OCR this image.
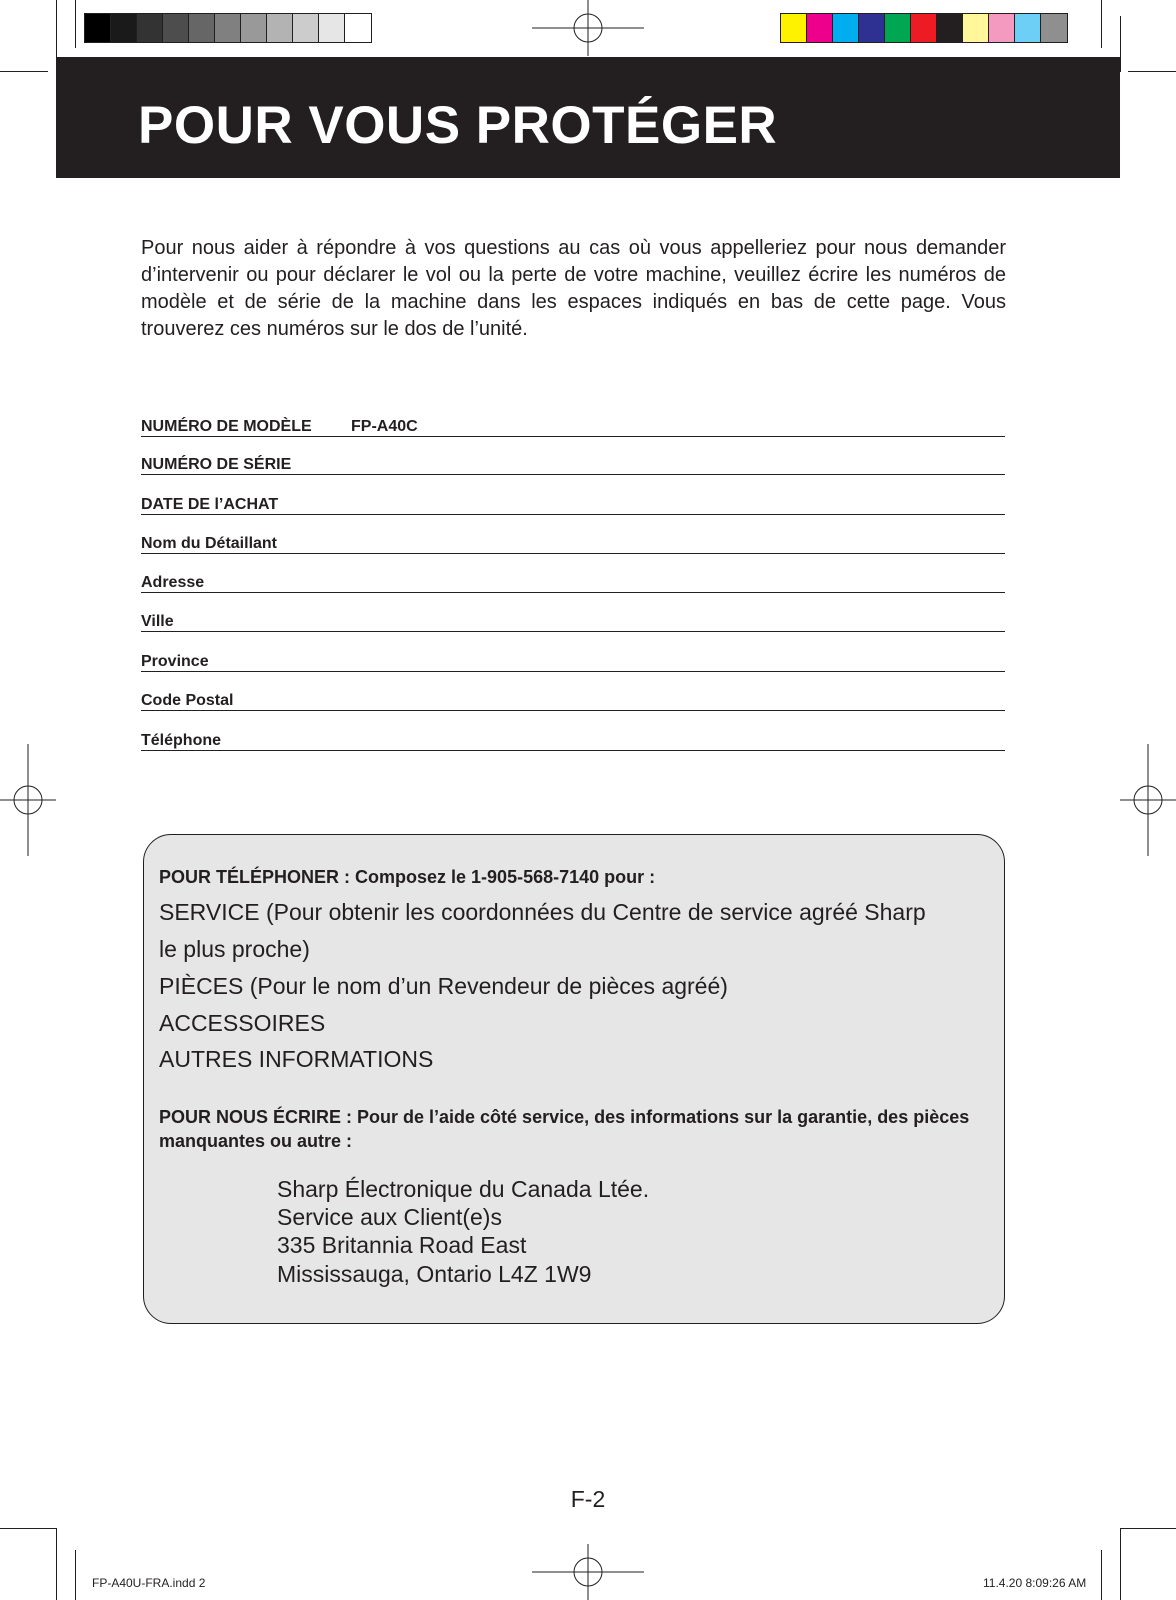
POUR VOUS PROTÉGER

Pour nous aider à répondre à vos questions au cas où vous appelleriez pour nous demander d’intervenir ou pour déclarer le vol ou la perte de votre machine, veuillez écrire les numéros de modèle et de série de la machine dans les espaces indiqués en bas de cette page. Vous trouverez ces numéros sur le dos de l’unité.

NUMÉRO DE MODÈLE FP-A40C
NUMÉRO DE SÉRIE
DATE DE l’ACHAT
Nom du Détaillant
Adresse
Ville
Province
Code Postal
Téléphone
POUR TÉLÉPHONER : Composez le 1-905-568-7140 pour :
SERVICE (Pour obtenir les coordonnées du Centre de service agréé Sharp
le plus proche)
PIÈCES (Pour le nom d’un Revendeur de pièces agréé)
ACCESSOIRES
AUTRES INFORMATIONS
POUR NOUS ÉCRIRE : Pour de l’aide côté service, des informations sur la garantie, des pièces manquantes ou autre :
Sharp Électronique du Canada Ltée.
Service aux Client(e)s
335 Britannia Road East
Mississauga, Ontario L4Z 1W9
F-2
FP-A40U-FRA.indd 2	11.4.20 8:09:26 AM
